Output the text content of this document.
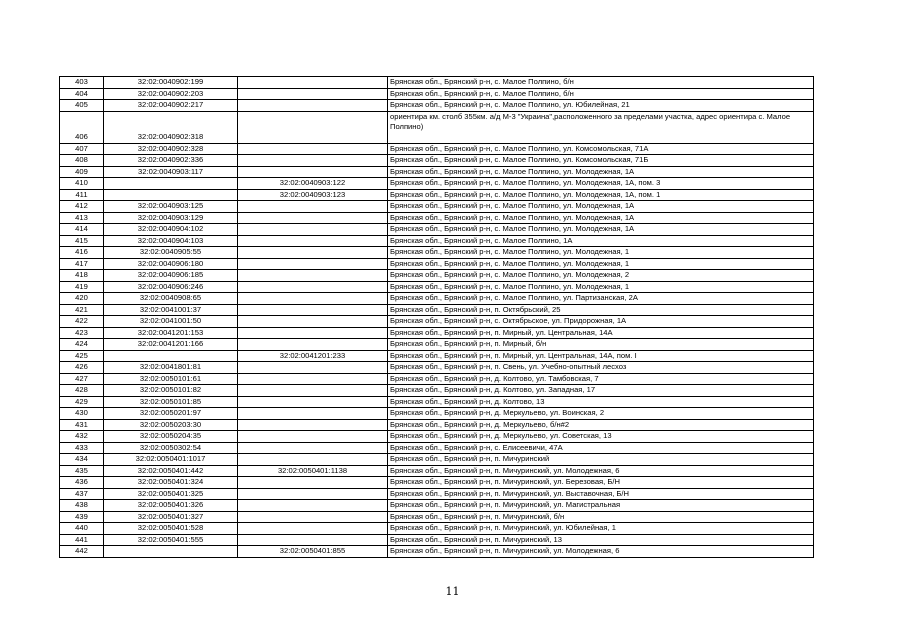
403	32:02:0040902:199		Брянская обл., Брянский р-н, с. Малое Полпино, б/н
404	32:02:0040902:203		Брянская обл., Брянский р-н, с. Малое Полпино, б/н
405	32:02:0040902:217		Брянская обл., Брянский р-н, с. Малое Полпино, ул. Юбилейная, 21
406	32:02:0040902:318		ориентира км. столб 355км. а/д М-3 "Украина",расположенного за пределами участка, адрес ориентира с. Малое Полпино)
407	32:02:0040902:328		Брянская обл., Брянский р-н, с. Малое Полпино, ул. Комсомольская, 71А
408	32:02:0040902:336		Брянская обл., Брянский р-н, с. Малое Полпино, ул. Комсомольская, 71Б
409	32:02:0040903:117		Брянская обл., Брянский р-н, с. Малое Полпино, ул. Молодежная, 1А
410		32:02:0040903:122	Брянская обл., Брянский р-н, с. Малое Полпино, ул. Молодежная, 1А, пом. 3
411		32:02:0040903:123	Брянская обл., Брянский р-н, с. Малое Полпино, ул. Молодежная, 1А, пом. 1
412	32:02:0040903:125		Брянская обл., Брянский р-н, с. Малое Полпино, ул. Молодежная, 1А
413	32:02:0040903:129		Брянская обл., Брянский р-н, с. Малое Полпино, ул. Молодежная, 1А
414	32:02:0040904:102		Брянская обл., Брянский р-н, с. Малое Полпино, ул. Молодежная, 1А
415	32:02:0040904:103		Брянская обл., Брянский р-н, с. Малое Полпино, 1А
416	32:02:0040905:55		Брянская обл., Брянский р-н, с. Малое Полпино, ул. Молодежная, 1
417	32:02:0040906:180		Брянская обл., Брянский р-н, с. Малое Полпино, ул. Молодежная, 1
418	32:02:0040906:185		Брянская обл., Брянский р-н, с. Малое Полпино, ул. Молодежная, 2
419	32:02:0040906:246		Брянская обл., Брянский р-н, с. Малое Полпино, ул. Молодежная, 1
420	32:02:0040908:65		Брянская обл., Брянский р-н, с. Малое Полпино, ул. Партизанская, 2А
421	32:02:0041001:37		Брянская обл., Брянский р-н, п. Октябрьский, 25
422	32:02:0041001:50		Брянская обл., Брянский р-н, с. Октябрьское, ул. Придорожная, 1А
423	32:02:0041201:153		Брянская обл., Брянский р-н, п. Мирный, ул. Центральная, 14А
424	32:02:0041201:166		Брянская обл., Брянский р-н, п. Мирный, б/н
425		32:02:0041201:233	Брянская обл., Брянский р-н, п. Мирный, ул. Центральная, 14А, пом. I
426	32:02:0041801:81		Брянская обл., Брянский р-н, п. Свень, ул. Учебно-опытный лесхоз
427	32:02:0050101:61		Брянская обл., Брянский р-н, д. Колтово, ул. Тамбовская, 7
428	32:02:0050101:82		Брянская обл., Брянский р-н, д. Колтово, ул. Западная, 17
429	32:02:0050101:85		Брянская обл., Брянский р-н, д. Колтово, 13
430	32:02:0050201:97		Брянская обл., Брянский р-н, д. Меркульево, ул. Воинская, 2
431	32:02:0050203:30		Брянская обл., Брянский р-н, д. Меркульево, б/н#2
432	32:02:0050204:35		Брянская обл., Брянский р-н, д. Меркульево, ул. Советская, 13
433	32:02:0050302:54		Брянская обл., Брянский р-н, с. Елисеевичи, 47А
434	32:02:0050401:1017		Брянская обл., Брянский р-н, п. Мичуринский
435	32:02:0050401:442	32:02:0050401:1138	Брянская обл., Брянский р-н, п. Мичуринский, ул. Молодежная, 6
436	32:02:0050401:324		Брянская обл., Брянский р-н, п. Мичуринский, ул. Березовая, Б/Н
437	32:02:0050401:325		Брянская обл., Брянский р-н, п. Мичуринский, ул. Выставочная, Б/Н
438	32:02:0050401:326		Брянская обл., Брянский р-н, п. Мичуринский, ул. Магистральная
439	32:02:0050401:327		Брянская обл., Брянский р-н, п. Мичуринский, б/н
440	32:02:0050401:528		Брянская обл., Брянский р-н, п. Мичуринский, ул. Юбилейная, 1
441	32:02:0050401:555		Брянская обл., Брянский р-н, п. Мичуринский, 13
442		32:02:0050401:855	Брянская обл., Брянский р-н, п. Мичуринский, ул. Молодежная, 6
11
